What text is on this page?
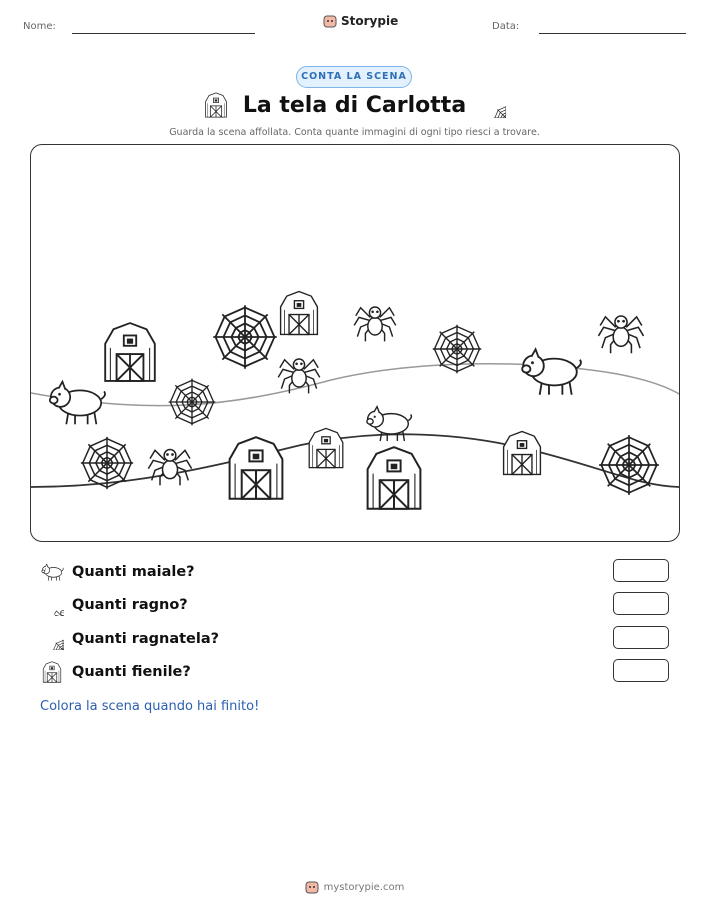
Nome:	Storypie	Data:
CONTA LA SCENA
La tela di Carlotta
Guarda la scena affollata. Conta quante immagini di ogni tipo riesci a trovare.
Quanti maiale?
Quanti ragno?
Quanti ragnatela?
Quanti fienile?
Colora la scena quando hai finito!
mystorypie.com
